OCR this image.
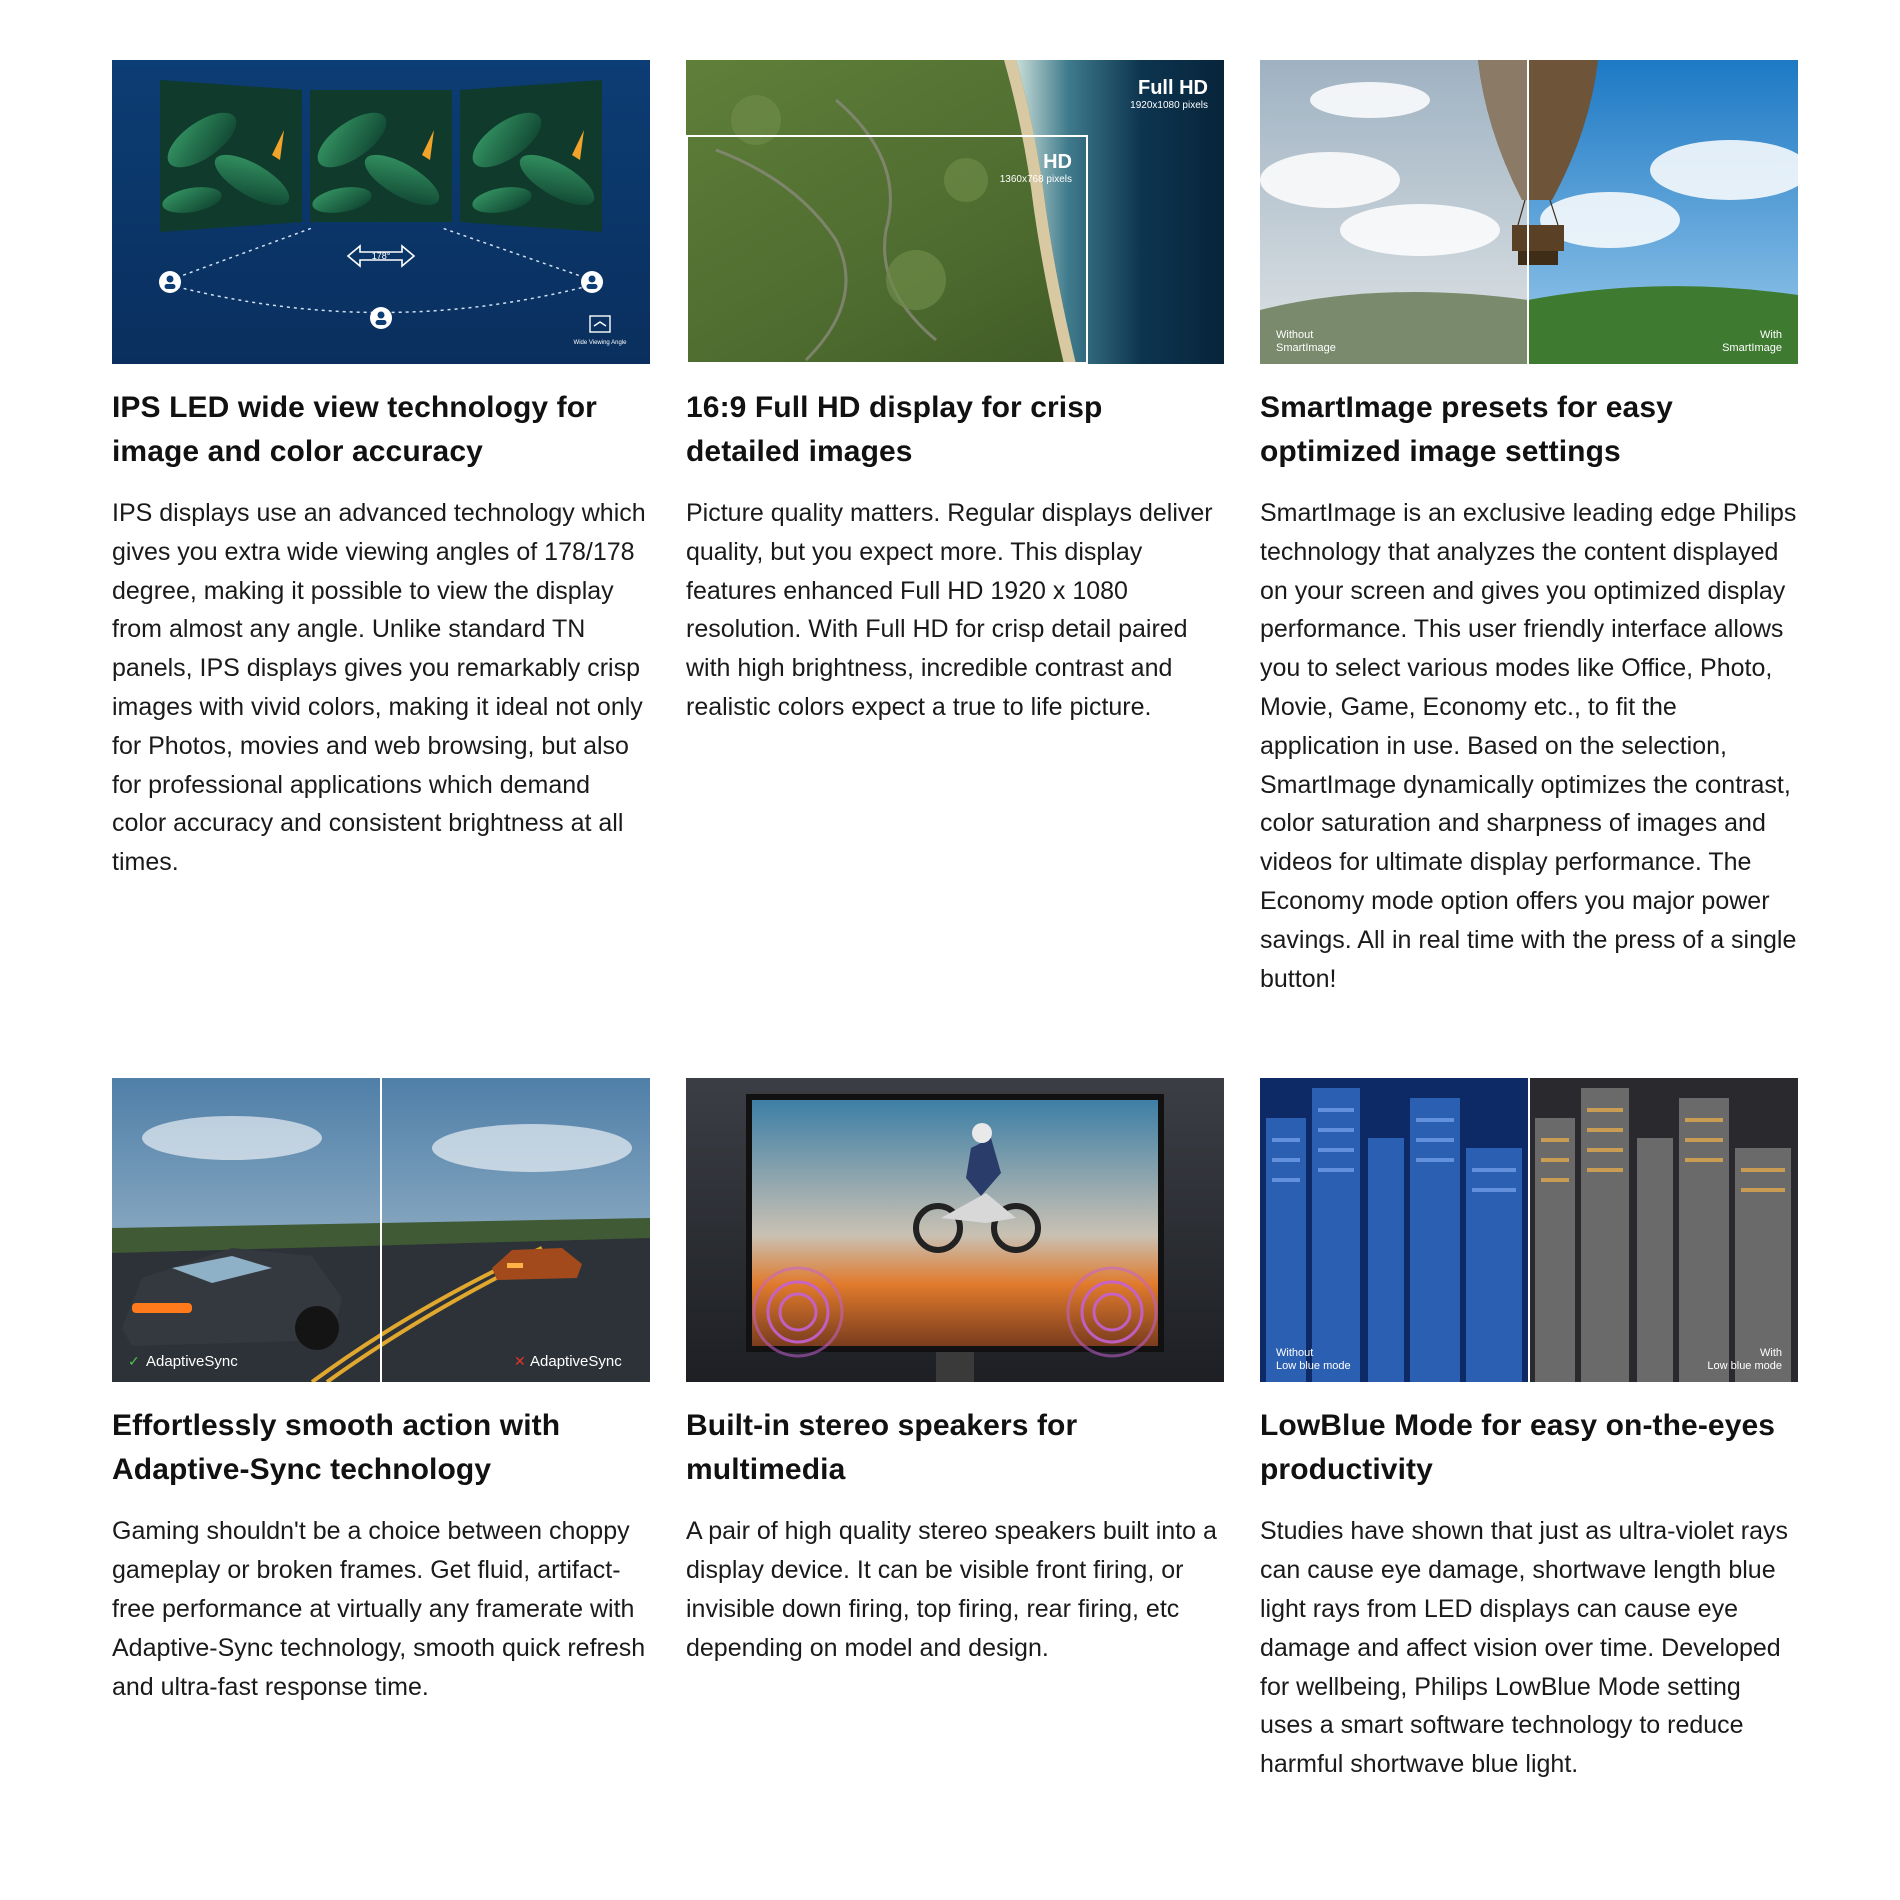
178°
Wide Viewing Angle
IPS LED wide view technology for image and color accuracy
IPS displays use an advanced technology which gives you extra wide viewing angles of 178/178 degree, making it possible to view the display from almost any angle. Unlike standard TN panels, IPS displays gives you remarkably crisp images with vivid colors, making it ideal not only for Photos, movies and web browsing, but also for professional applications which demand color accuracy and consistent brightness at all times.
HD
1360x768 pixels
Full HD
1920x1080 pixels
16:9 Full HD display for crisp detailed images
Picture quality matters. Regular displays deliver quality, but you expect more. This display features enhanced Full HD 1920 x 1080 resolution. With Full HD for crisp detail paired with high brightness, incredible contrast and realistic colors expect a true to life picture.
Without
SmartImage
With
SmartImage
SmartImage presets for easy optimized image settings
SmartImage is an exclusive leading edge Philips technology that analyzes the content displayed on your screen and gives you optimized display performance. This user friendly interface allows you to select various modes like Office, Photo, Movie, Game, Economy etc., to fit the application in use. Based on the selection, SmartImage dynamically optimizes the contrast, color saturation and sharpness of images and videos for ultimate display performance. The Economy mode option offers you major power savings. All in real time with the press of a single button!
✓ AdaptiveSync	✕ AdaptiveSync
Effortlessly smooth action with Adaptive-Sync technology
Gaming shouldn't be a choice between choppy gameplay or broken frames. Get fluid, artifact-free performance at virtually any framerate with Adaptive-Sync technology, smooth quick refresh and ultra-fast response time.
Built-in stereo speakers for multimedia
A pair of high quality stereo speakers built into a display device. It can be visible front firing, or invisible down firing, top firing, rear firing, etc depending on model and design.
Without
Low blue mode
With
Low blue mode
LowBlue Mode for easy on-the-eyes productivity
Studies have shown that just as ultra-violet rays can cause eye damage, shortwave length blue light rays from LED displays can cause eye damage and affect vision over time. Developed for wellbeing, Philips LowBlue Mode setting uses a smart software technology to reduce harmful shortwave blue light.
